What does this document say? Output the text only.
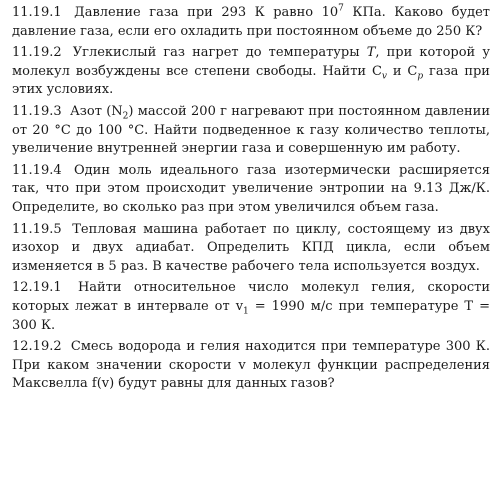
11.19.1 Давление газа при 293 К равно $10^7$ КПа. Каково будет давление газа, если его охладить при постоянном объеме до 250 К?

11.19.2 Углекислый газ нагрет до температуры T, при которой у молекул возбуждены все степени свободы. Найти $C_v$ и $C_p$ газа при этих условиях.

11.19.3 Азот $(N_2)$ массой 200 г нагревают при постоянном давлении от 20 °С до 100 °С. Найти подведенное к газу количество теплоты, увеличение внутренней энергии газа и совершенную им работу.

11.19.4 Один моль идеального газа изотермически расширяется так, что при этом происходит увеличение энтропии на 9.13 Дж/К. Определите, во сколько раз при этом увеличился объем газа.

11.19.5 Тепловая машина работает по циклу, состоящему из двух изохор и двух адиабат. Определить КПД цикла, если объем изменяется в 5 раз. В качестве рабочего тела используется воздух.

12.19.1 Найти относительное число молекул гелия, скорости которых лежат в интервале от $v_1 = 1990$ м/с при температуре T = 300 К.

12.19.2 Смесь водорода и гелия находится при температуре 300 К. При каком значении скорости v молекул функции распределения Максвелла f(v) будут равны для данных газов?
